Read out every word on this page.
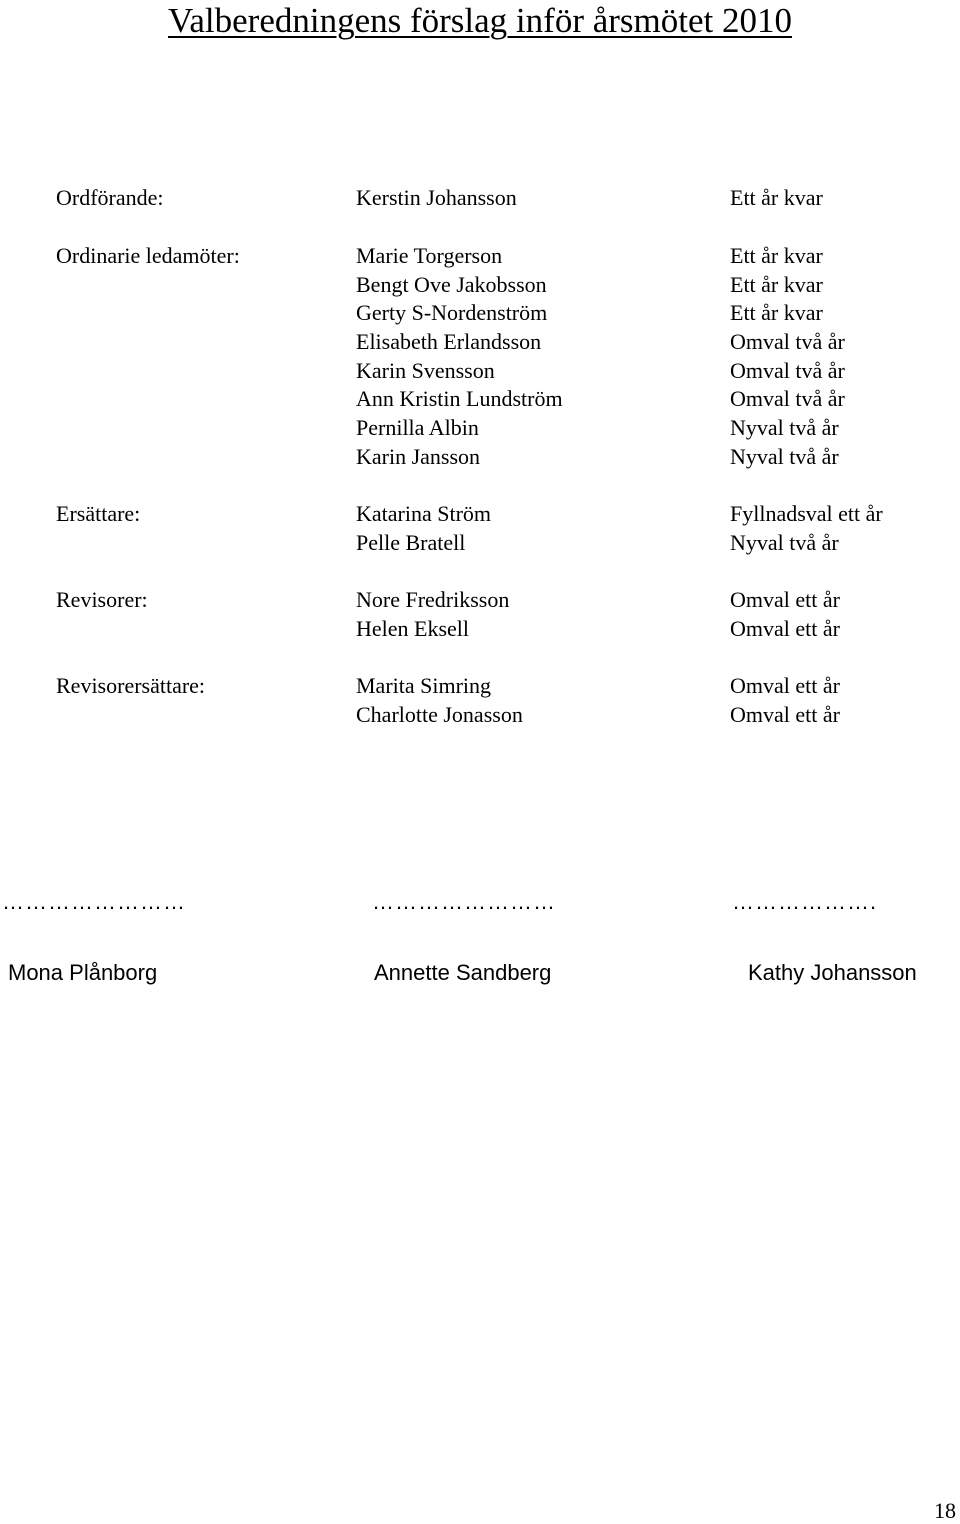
Valberedningens förslag inför årsmötet 2010
Ordförande:	Kerstin Johansson	Ett år kvar
Ordinarie ledamöter:	Marie Torgerson	Ett år kvar
Bengt Ove Jakobsson	Ett år kvar
Gerty S-Nordenström	Ett år kvar
Elisabeth Erlandsson	Omval två år
Karin Svensson	Omval två år
Ann Kristin Lundström	Omval två år
Pernilla Albin	Nyval två år
Karin Jansson	Nyval två år
Ersättare:	Katarina Ström	Fyllnadsval ett år
Pelle Bratell	Nyval två år
Revisorer:	Nore Fredriksson	Omval ett år
Helen Eksell	Omval ett år
Revisorersättare:	Marita Simring	Omval ett år
Charlotte Jonasson	Omval ett år
……………………	……………………	……………….
Mona Plånborg	Annette Sandberg	Kathy Johansson
18
